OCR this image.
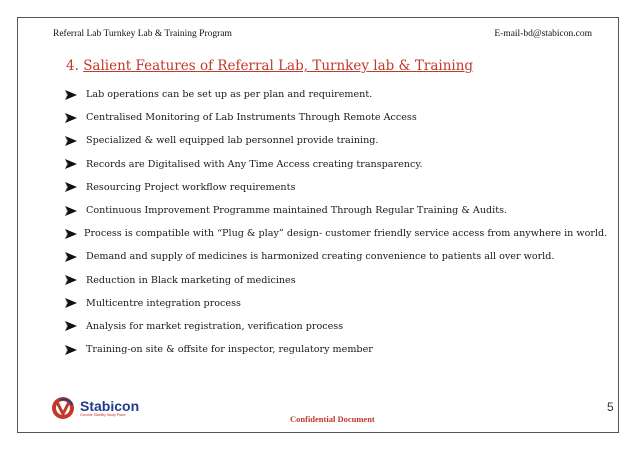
Referral Lab Turnkey Lab & Training Program	E-mail-bd@stabicon.com
4. Salient Features of Referral Lab, Turnkey lab & Training
Lab operations can be set up as per plan and requirement.
Centralised Monitoring of Lab Instruments Through Remote Access
Specialized & well equipped lab personnel provide training.
Records are Digitalised with Any Time Access creating transparency.
Resourcing Project workflow requirements
Continuous Improvement Programme maintained Through Regular Training & Audits.
Process is compatible with “Plug & play” design- customer friendly service access from anywhere in world.
Demand and supply of medicines is harmonized creating convenience to patients all over world.
Reduction in Black marketing of medicines
Multicentre integration process
Analysis for market registration, verification process
Training-on site & offsite for inspector, regulatory member
Stabicon
Gurunte Stability Study Place	Confidential Document
5
